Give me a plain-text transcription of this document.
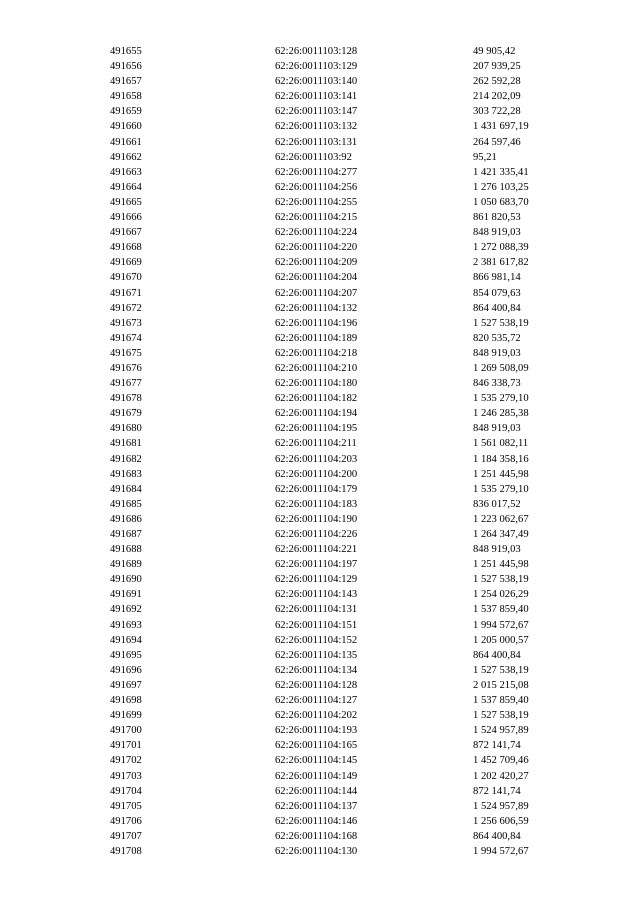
491655	62:26:0011103:128	49 905,42
491656	62:26:0011103:129	207 939,25
491657	62:26:0011103:140	262 592,28
491658	62:26:0011103:141	214 202,09
491659	62:26:0011103:147	303 722,28
491660	62:26:0011103:132	1 431 697,19
491661	62:26:0011103:131	264 597,46
491662	62:26:0011103:92	95,21
491663	62:26:0011104:277	1 421 335,41
491664	62:26:0011104:256	1 276 103,25
491665	62:26:0011104:255	1 050 683,70
491666	62:26:0011104:215	861 820,53
491667	62:26:0011104:224	848 919,03
491668	62:26:0011104:220	1 272 088,39
491669	62:26:0011104:209	2 381 617,82
491670	62:26:0011104:204	866 981,14
491671	62:26:0011104:207	854 079,63
491672	62:26:0011104:132	864 400,84
491673	62:26:0011104:196	1 527 538,19
491674	62:26:0011104:189	820 535,72
491675	62:26:0011104:218	848 919,03
491676	62:26:0011104:210	1 269 508,09
491677	62:26:0011104:180	846 338,73
491678	62:26:0011104:182	1 535 279,10
491679	62:26:0011104:194	1 246 285,38
491680	62:26:0011104:195	848 919,03
491681	62:26:0011104:211	1 561 082,11
491682	62:26:0011104:203	1 184 358,16
491683	62:26:0011104:200	1 251 445,98
491684	62:26:0011104:179	1 535 279,10
491685	62:26:0011104:183	836 017,52
491686	62:26:0011104:190	1 223 062,67
491687	62:26:0011104:226	1 264 347,49
491688	62:26:0011104:221	848 919,03
491689	62:26:0011104:197	1 251 445,98
491690	62:26:0011104:129	1 527 538,19
491691	62:26:0011104:143	1 254 026,29
491692	62:26:0011104:131	1 537 859,40
491693	62:26:0011104:151	1 994 572,67
491694	62:26:0011104:152	1 205 000,57
491695	62:26:0011104:135	864 400,84
491696	62:26:0011104:134	1 527 538,19
491697	62:26:0011104:128	2 015 215,08
491698	62:26:0011104:127	1 537 859,40
491699	62:26:0011104:202	1 527 538,19
491700	62:26:0011104:193	1 524 957,89
491701	62:26:0011104:165	872 141,74
491702	62:26:0011104:145	1 452 709,46
491703	62:26:0011104:149	1 202 420,27
491704	62:26:0011104:144	872 141,74
491705	62:26:0011104:137	1 524 957,89
491706	62:26:0011104:146	1 256 606,59
491707	62:26:0011104:168	864 400,84
491708	62:26:0011104:130	1 994 572,67
